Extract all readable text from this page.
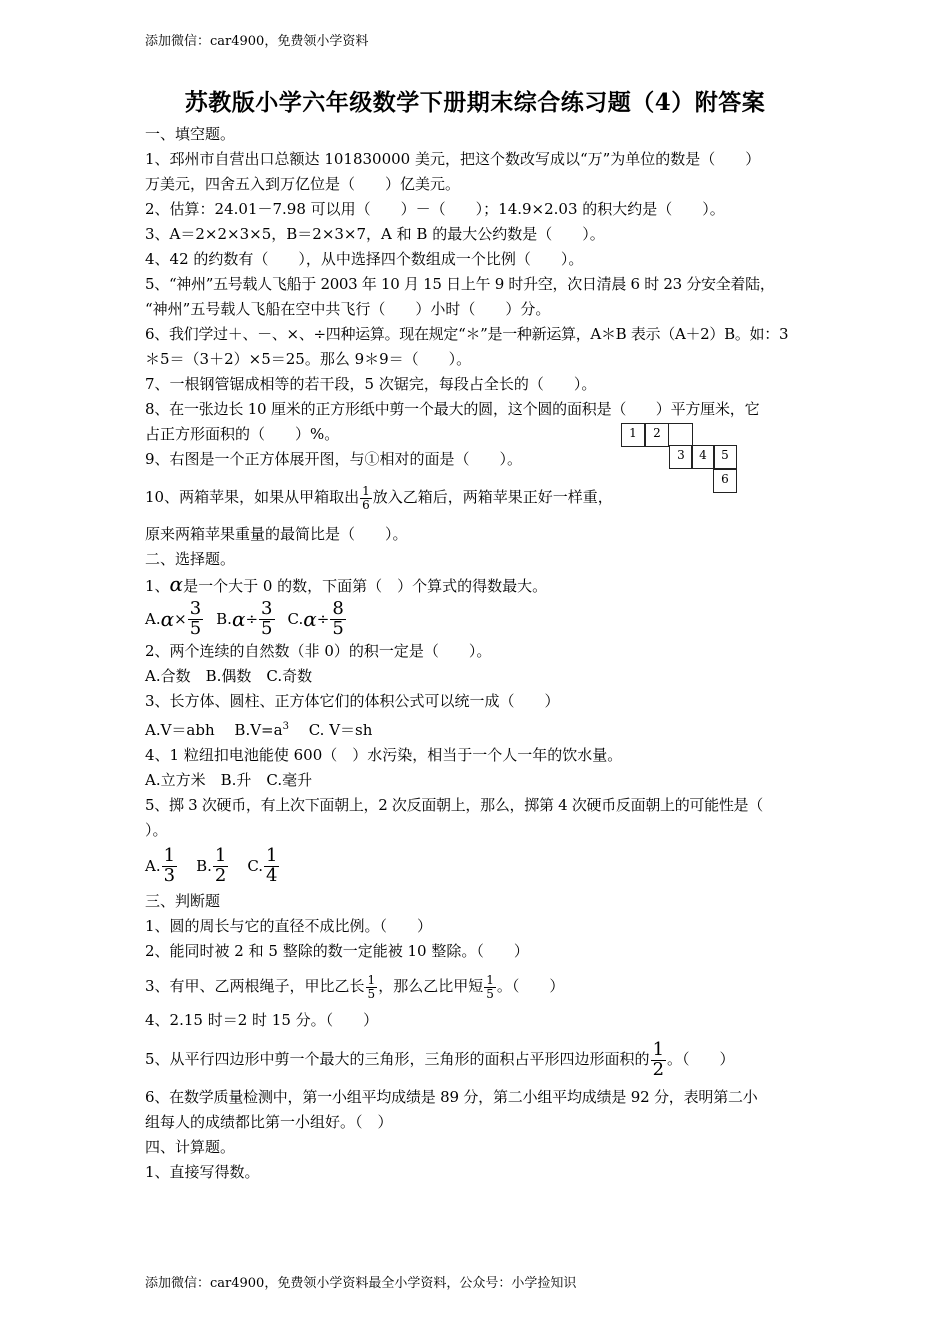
添加微信：car4900，免费领小学资料
苏教版小学六年级数学下册期末综合练习题（4）附答案
1	2
3	4	5
6
一、填空题。
1、邳州市自营出口总额达 101830000 美元，把这个数改写成以“万”为单位的数是（　　）
万美元，四舍五入到万亿位是（　　）亿美元。
2、估算：24.01－7.98 可以用（　　）－（　　）；14.9×2.03 的积大约是（　　）。
3、A＝2×2×3×5，B＝2×3×7，A 和 B 的最大公约数是（　　）。
4、42 的约数有（　　），从中选择四个数组成一个比例（　　）。
5、“神州”五号载人飞船于 2003 年 10 月 15 日上午 9 时升空，次日清晨 6 时 23 分安全着陆，
“神州”五号载人飞船在空中共飞行（　　）小时（　　）分。
6、我们学过＋、－、×、÷四种运算。现在规定“＊”是一种新运算，A＊B 表示（A＋2）B。如：3
＊5＝（3＋2）×5＝25。那么 9＊9＝（　　）。
7、一根钢管锯成相等的若干段，5 次锯完，每段占全长的（　　）。
8、在一张边长 10 厘米的正方形纸中剪一个最大的圆，这个圆的面积是（　　）平方厘米，它
占正方形面积的（　　）%。
9、右图是一个正方体展开图，与①相对的面是（　　）。
10、两箱苹果，如果从甲箱取出 $\frac{1}{6}$ 放入乙箱后，两箱苹果正好一样重，
原来两箱苹果重量的最简比是（　　）。
二、选择题。
1、α是一个大于 0 的数，下面第（　）个算式的得数最大。
A. $\alpha \times \frac{3}{5} B$. $\alpha \div \frac{3}{5} C$. $\alpha \div \frac{8}{5}$
2、两个连续的自然数（非 0）的积一定是（　　）。
A.合数　B.偶数　C.奇数
3、长方体、圆柱、正方体它们的体积公式可以统一成（　　）
A.V＝abh　 $B.V=a^3$　 C. V＝sh
4、1 粒纽扣电池能使 600（　）水污染，相当于一个人一年的饮水量。
A.立方米　B.升　C.毫升
5、掷 3 次硬币，有上次下面朝上，2 次反面朝上，那么，掷第 4 次硬币反面朝上的可能性是（
）。
A. $\frac{1}{3} B$. $\frac{1}{2} C$. $\frac{1}{4}$
三、判断题
1、圆的周长与它的直径不成比例。（　　）
2、能同时被 2 和 5 整除的数一定能被 10 整除。（　　）
3、有甲、乙两根绳子，甲比乙长 $\frac{1}{5}$ ，那么乙比甲短 $\frac{1}{5}$ 。（　　）
4、2.15 时＝2 时 15 分。（　　）
5、从平行四边形中剪一个最大的三角形，三角形的面积占平形四边形面积的 $\frac{1}{2}$ 。（　　）
6、在数学质量检测中，第一小组平均成绩是 89 分，第二小组平均成绩是 92 分，表明第二小
组每人的成绩都比第一小组好。（　）
四、计算题。
1、直接写得数。
添加微信：car4900，免费领小学资料最全小学资料，公众号：小学捡知识
